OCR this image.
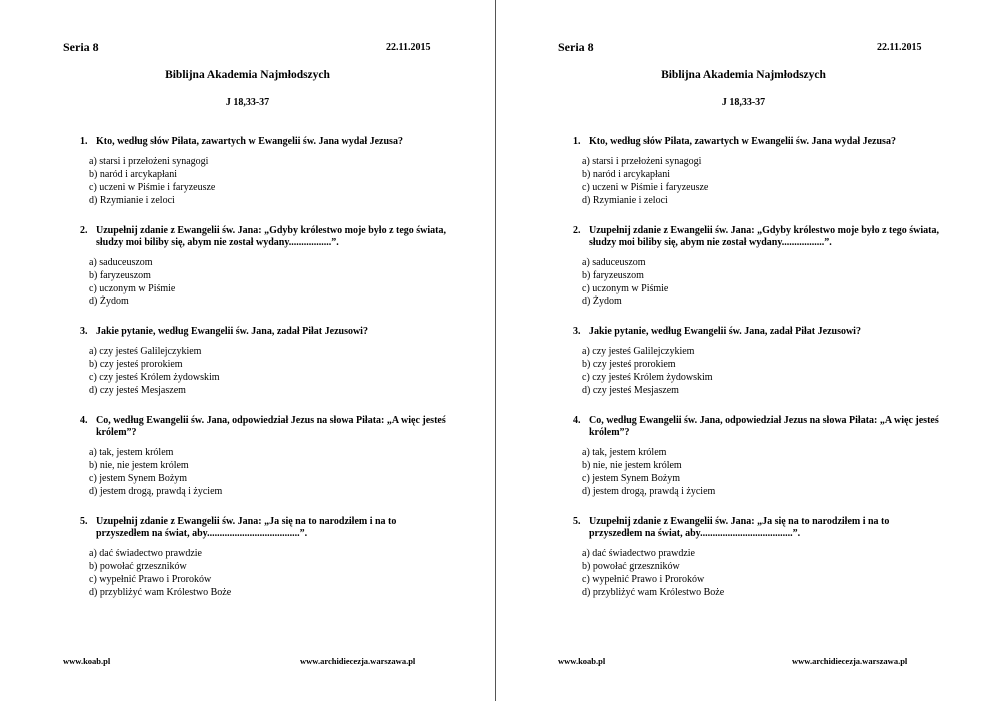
Seria 8	22.11.2015
Biblijna Akademia Najmłodszych
J 18,33-37
1. Kto, według słów Piłata, zawartych w Ewangelii św. Jana wydał Jezusa?
a) starsi i przełożeni synagogi
b) naród i arcykapłani
c) uczeni w Piśmie i faryzeusze
d) Rzymianie i zeloci
2. Uzupełnij zdanie z Ewangelii św. Jana: „Gdyby królestwo moje było z tego świata, słudzy moi biliby się, abym nie został wydany.................”.
a) saduceuszom
b) faryzeuszom
c) uczonym w Piśmie
d) Żydom
3. Jakie pytanie, według Ewangelii św. Jana, zadał Piłat Jezusowi?
a) czy jesteś Galilejczykiem
b) czy jesteś prorokiem
c) czy jesteś Królem żydowskim
d) czy jesteś Mesjaszem
4. Co, według Ewangelii św. Jana, odpowiedział Jezus na słowa Piłata: „A więc jesteś królem”?
a) tak, jestem królem
b) nie, nie jestem królem
c) jestem Synem Bożym
d) jestem drogą, prawdą i życiem
5. Uzupełnij zdanie z Ewangelii św. Jana: „Ja się na to narodziłem i na to przyszedłem na świat, aby.....................................”.
a) dać świadectwo prawdzie
b) powołać grzeszników
c) wypełnić Prawo i Proroków
d) przybliżyć wam Królestwo Boże
www.koab.pl	www.archidiecezja.warszawa.pl
Seria 8	22.11.2015
Biblijna Akademia Najmłodszych
J 18,33-37
1. Kto, według słów Piłata, zawartych w Ewangelii św. Jana wydał Jezusa?
a) starsi i przełożeni synagogi
b) naród i arcykapłani
c) uczeni w Piśmie i faryzeusze
d) Rzymianie i zeloci
2. Uzupełnij zdanie z Ewangelii św. Jana: „Gdyby królestwo moje było z tego świata, słudzy moi biliby się, abym nie został wydany.................”.
a) saduceuszom
b) faryzeuszom
c) uczonym w Piśmie
d) Żydom
3. Jakie pytanie, według Ewangelii św. Jana, zadał Piłat Jezusowi?
a) czy jesteś Galilejczykiem
b) czy jesteś prorokiem
c) czy jesteś Królem żydowskim
d) czy jesteś Mesjaszem
4. Co, według Ewangelii św. Jana, odpowiedział Jezus na słowa Piłata: „A więc jesteś królem”?
a) tak, jestem królem
b) nie, nie jestem królem
c) jestem Synem Bożym
d) jestem drogą, prawdą i życiem
5. Uzupełnij zdanie z Ewangelii św. Jana: „Ja się na to narodziłem i na to przyszedłem na świat, aby.....................................”.
a) dać świadectwo prawdzie
b) powołać grzeszników
c) wypełnić Prawo i Proroków
d) przybliżyć wam Królestwo Boże
www.koab.pl	www.archidiecezja.warszawa.pl
